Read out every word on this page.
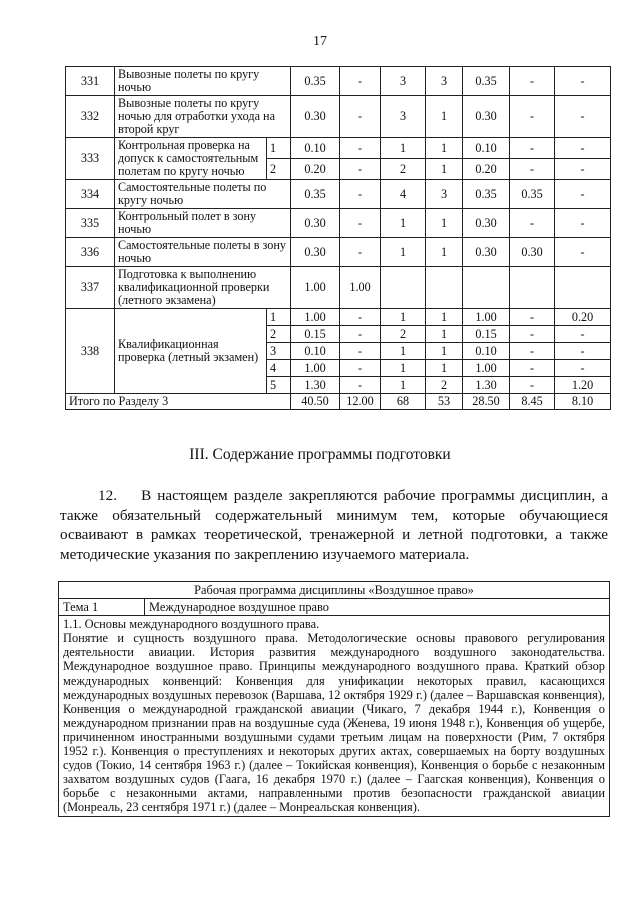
17
331	Вывозные полеты по кругу ночью		0.35	-	3	3	0.35	-	-
332	Вывозные полеты по кругу ночью для отработки ухода на второй круг		0.30	-	3	1	0.30	-	-
333	Контрольная проверка на допуск к самостоятельным полетам по кругу ночью	1	0.10	-	1	1	0.10	-	-
		2	0.20	-	2	1	0.20	-	-
334	Самостоятельные полеты по кругу ночью		0.35	-	4	3	0.35	0.35	-
335	Контрольный полет в зону ночью		0.30	-	1	1	0.30	-	-
336	Самостоятельные полеты в зону ночью		0.30	-	1	1	0.30	0.30	-
337	Подготовка к выполнению квалификационной проверки (летного экзамена)		1.00	1.00					
338	Квалификационная проверка (летный экзамен)	1	1.00	-	1	1	1.00	-	0.20
		2	0.15	-	2	1	0.15	-	-
		3	0.10	-	1	1	0.10	-	-
		4	1.00	-	1	1	1.00	-	-
		5	1.30	-	1	2	1.30	-	1.20
Итого по Разделу 3			40.50	12.00	68	53	28.50	8.45	8.10
III. Содержание программы подготовки

12. В настоящем разделе закрепляются рабочие программы дисциплин, а также обязательный содержательный минимум тем, которые обучающиеся осваивают в рамках теоретической, тренажерной и летной подготовки, а также методические указания по закреплению изучаемого материала.

Рабочая программа дисциплины «Воздушное право»
Тема 1	Международное воздушное право

1.1. Основы международного воздушного права.
Понятие и сущность воздушного права. Методологические основы правового регулирования деятельности авиации. История развития международного воздушного законодательства. Международное воздушное право. Принципы международного воздушного права. Краткий обзор международных конвенций: Конвенция для унификации некоторых правил, касающихся международных воздушных перевозок (Варшава, 12 октября 1929 г.) (далее – Варшавская конвенция), Конвенция о международной гражданской авиации (Чикаго, 7 декабря 1944 г.), Конвенция о международном признании прав на воздушные суда (Женева, 19 июня 1948 г.), Конвенция об ущербе, причиненном иностранными воздушными судами третьим лицам на поверхности (Рим, 7 октября 1952 г.). Конвенция о преступлениях и некоторых других актах, совершаемых на борту воздушных судов (Токио, 14 сентября 1963 г.) (далее – Токийская конвенция), Конвенция о борьбе с незаконным захватом воздушных судов (Гаага, 16 декабря 1970 г.) (далее – Гаагская конвенция), Конвенция о борьбе с незаконными актами, направленными против безопасности гражданской авиации (Монреаль, 23 сентября 1971 г.) (далее – Монреальская конвенция).
